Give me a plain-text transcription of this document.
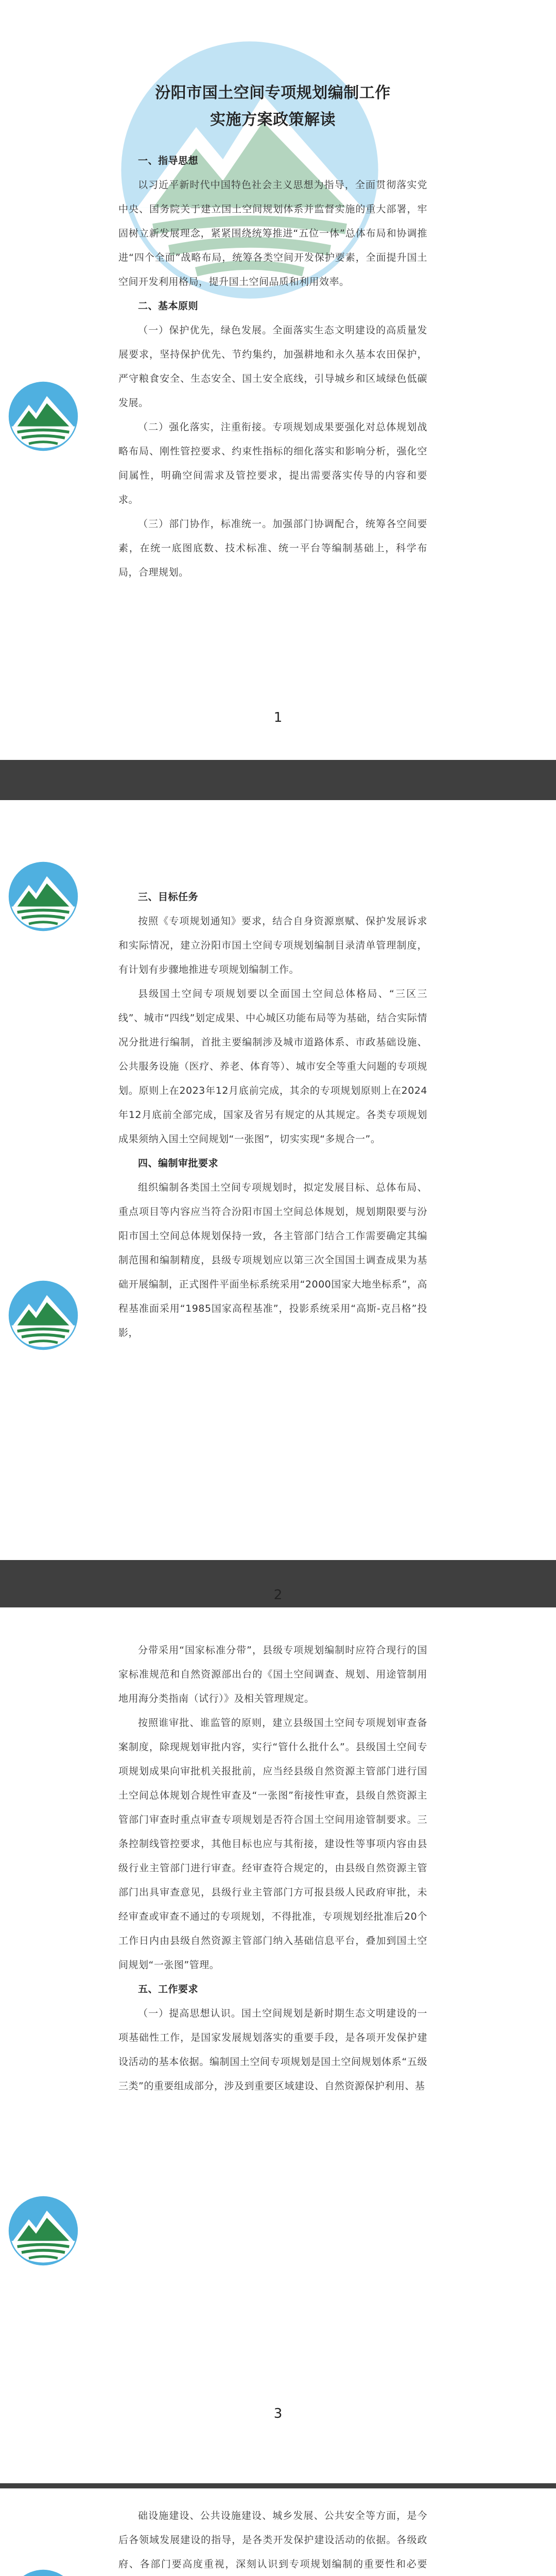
汾阳市国土空间专项规划编制工作
实施方案政策解读

一、指导思想

以习近平新时代中国特色社会主义思想为指导，全面贯彻落实党中央、国务院关于建立国土空间规划体系并监督实施的重大部署，牢固树立新发展理念，紧紧围绕统筹推进“五位一体”总体布局和协调推进“四个全面”战略布局，统筹各类空间开发保护要素，全面提升国土空间开发利用格局，提升国土空间品质和利用效率。

二、基本原则

（一）保护优先，绿色发展。全面落实生态文明建设的高质量发展要求，坚持保护优先、节约集约，加强耕地和永久基本农田保护，严守粮食安全、生态安全、国土安全底线，引导城乡和区域绿色低碳发展。

（二）强化落实，注重衔接。专项规划成果要强化对总体规划战略布局、刚性管控要求、约束性指标的细化落实和影响分析，强化空间属性，明确空间需求及管控要求，提出需要落实传导的内容和要求。

（三）部门协作，标准统一。加强部门协调配合，统筹各空间要素，在统一底图底数、技术标准、统一平台等编制基础上，科学布局，合理规划。

1

三、目标任务

按照《专项规划通知》要求，结合自身资源禀赋、保护发展诉求和实际情况，建立汾阳市国土空间专项规划编制目录清单管理制度，有计划有步骤地推进专项规划编制工作。

县级国土空间专项规划要以全面国土空间总体格局、“三区三线”、城市“四线”划定成果、中心城区功能布局等为基础，结合实际情况分批进行编制，首批主要编制涉及城市道路体系、市政基础设施、公共服务设施（医疗、养老、体育等）、城市安全等重大问题的专项规划。原则上在2023年12月底前完成，其余的专项规划原则上在2024年12月底前全部完成，国家及省另有规定的从其规定。各类专项规划成果须纳入国土空间规划“一张图”，切实实现“多规合一”。

四、编制审批要求

组织编制各类国土空间专项规划时，拟定发展目标、总体布局、重点项目等内容应当符合汾阳市国土空间总体规划，规划期限要与汾阳市国土空间总体规划保持一致，各主管部门结合工作需要确定其编制范围和编制精度，县级专项规划应以第三次全国国土调查成果为基础开展编制，正式图件平面坐标系统采用“2000国家大地坐标系”，高程基准面采用“1985国家高程基准”，投影系统采用“高斯-克吕格”投影，

2

分带采用“国家标准分带”，县级专项规划编制时应符合现行的国家标准规范和自然资源部出台的《国土空间调查、规划、用途管制用地用海分类指南（试行）》及相关管理规定。

按照谁审批、谁监管的原则，建立县级国土空间专项规划审查备案制度，除现规划审批内容，实行“管什么批什么”。县级国土空间专项规划成果向审批机关报批前，应当经县级自然资源主管部门进行国土空间总体规划合规性审查及“一张图”衔接性审查，县级自然资源主管部门审查时重点审查专项规划是否符合国土空间用途管制要求。三条控制线管控要求，其他目标也应与其衔接，建设性等事项内容由县级行业主管部门进行审查。经审查符合规定的，由县级自然资源主管部门出具审查意见，县级行业主管部门方可报县级人民政府审批，未经审查或审查不通过的专项规划，不得批准，专项规划经批准后20个工作日内由县级自然资源主管部门纳入基础信息平台，叠加到国土空间规划“一张图”管理。

五、工作要求

（一）提高思想认识。国土空间规划是新时期生态文明建设的一项基础性工作，是国家发展规划落实的重要手段，是各项开发保护建设活动的基本依据。编制国土空间专项规划是国土空间规划体系“五级三类”的重要组成部分，涉及到重要区域建设、自然资源保护利用、基

3

础设施建设、公共设施建设、城乡发展、公共安全等方面，是今后各领域发展建设的指导，是各类开发保护建设活动的依据。各级政府、各部门要高度重视，深刻认识到专项规划编制的重要性和必要
